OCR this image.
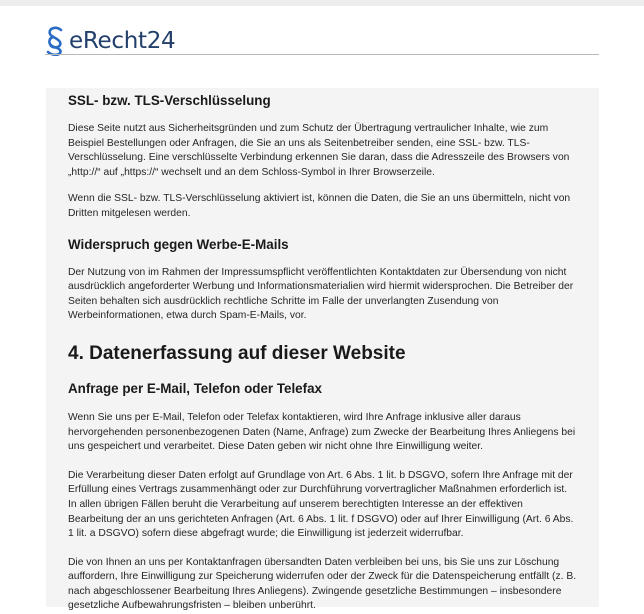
eRecht24
SSL- bzw. TLS-Verschlüsselung

Diese Seite nutzt aus Sicherheitsgründen und zum Schutz der Übertragung vertraulicher Inhalte, wie zum Beispiel Bestellungen oder Anfragen, die Sie an uns als Seitenbetreiber senden, eine SSL- bzw. TLS-Verschlüsselung. Eine verschlüsselte Verbindung erkennen Sie daran, dass die Adresszeile des Browsers von „http://“ auf „https://“ wechselt und an dem Schloss-Symbol in Ihrer Browserzeile.

Wenn die SSL- bzw. TLS-Verschlüsselung aktiviert ist, können die Daten, die Sie an uns übermitteln, nicht von Dritten mitgelesen werden.

Widerspruch gegen Werbe-E-Mails

Der Nutzung von im Rahmen der Impressumspflicht veröffentlichten Kontaktdaten zur Übersendung von nicht ausdrücklich angeforderter Werbung und Informationsmaterialien wird hiermit widersprochen. Die Betreiber der Seiten behalten sich ausdrücklich rechtliche Schritte im Falle der unverlangten Zusendung von Werbeinformationen, etwa durch Spam-E-Mails, vor.

4. Datenerfassung auf dieser Website
Anfrage per E-Mail, Telefon oder Telefax

Wenn Sie uns per E-Mail, Telefon oder Telefax kontaktieren, wird Ihre Anfrage inklusive aller daraus hervorgehenden personenbezogenen Daten (Name, Anfrage) zum Zwecke der Bearbeitung Ihres Anliegens bei uns gespeichert und verarbeitet. Diese Daten geben wir nicht ohne Ihre Einwilligung weiter.

Die Verarbeitung dieser Daten erfolgt auf Grundlage von Art. 6 Abs. 1 lit. b DSGVO, sofern Ihre Anfrage mit der Erfüllung eines Vertrags zusammenhängt oder zur Durchführung vorvertraglicher Maßnahmen erforderlich ist. In allen übrigen Fällen beruht die Verarbeitung auf unserem berechtigten Interesse an der effektiven Bearbeitung der an uns gerichteten Anfragen (Art. 6 Abs. 1 lit. f DSGVO) oder auf Ihrer Einwilligung (Art. 6 Abs. 1 lit. a DSGVO) sofern diese abgefragt wurde; die Einwilligung ist jederzeit widerrufbar.

Die von Ihnen an uns per Kontaktanfragen übersandten Daten verbleiben bei uns, bis Sie uns zur Löschung auffordern, Ihre Einwilligung zur Speicherung widerrufen oder der Zweck für die Datenspeicherung entfällt (z. B. nach abgeschlossener Bearbeitung Ihres Anliegens). Zwingende gesetzliche Bestimmungen – insbesondere gesetzliche Aufbewahrungsfristen – bleiben unberührt.
